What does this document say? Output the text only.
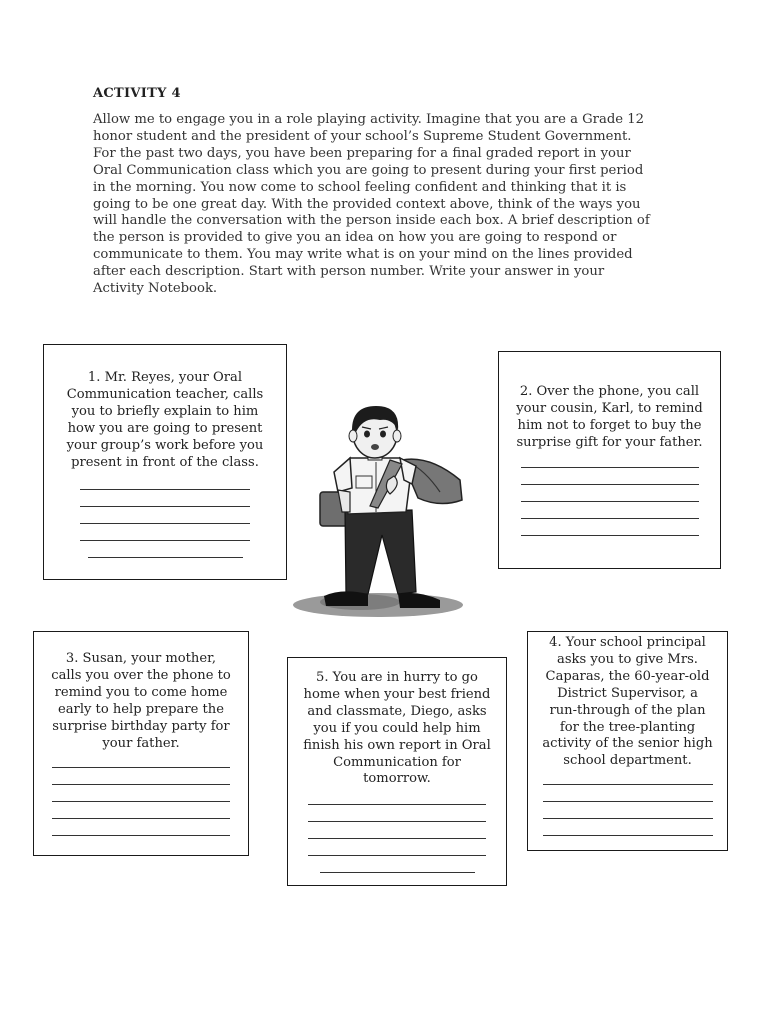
ACTIVITY 4
Allow me to engage you in a role playing activity. Imagine that you are a Grade 12
honor student and the president of your school’s Supreme Student Government.
For the past two days, you have been preparing for a final graded report in your
Oral Communication class which you are going to present during your first period
in the morning. You now come to school feeling confident and thinking that it is
going to be one great day. With the provided context above, think of the ways you
will handle the conversation with the person inside each box. A brief description of
the person is provided to give you an idea on how you are going to respond or
communicate to them. You may write what is on your mind on the lines provided
after each description. Start with person number. Write your answer in your
Activity Notebook.
1. Mr. Reyes, your Oral
Communication teacher, calls
you to briefly explain to him
how you are going to present
your group’s work before you
present in front of the class.
2. Over the phone, you call
your cousin, Karl, to remind
him not to forget to buy the
surprise gift for your father.
3. Susan, your mother,
calls you over the phone to
remind you to come home
early to help prepare the
surprise birthday party for
your father.
4. Your school principal
asks you to give Mrs.
Caparas, the 60-year-old
District Supervisor, a
run-through of the plan
for the tree-planting
activity of the senior high
school department.
5. You are in hurry to go
home when your best friend
and classmate, Diego, asks
you if you could help him
finish his own report in Oral
Communication for
tomorrow.
